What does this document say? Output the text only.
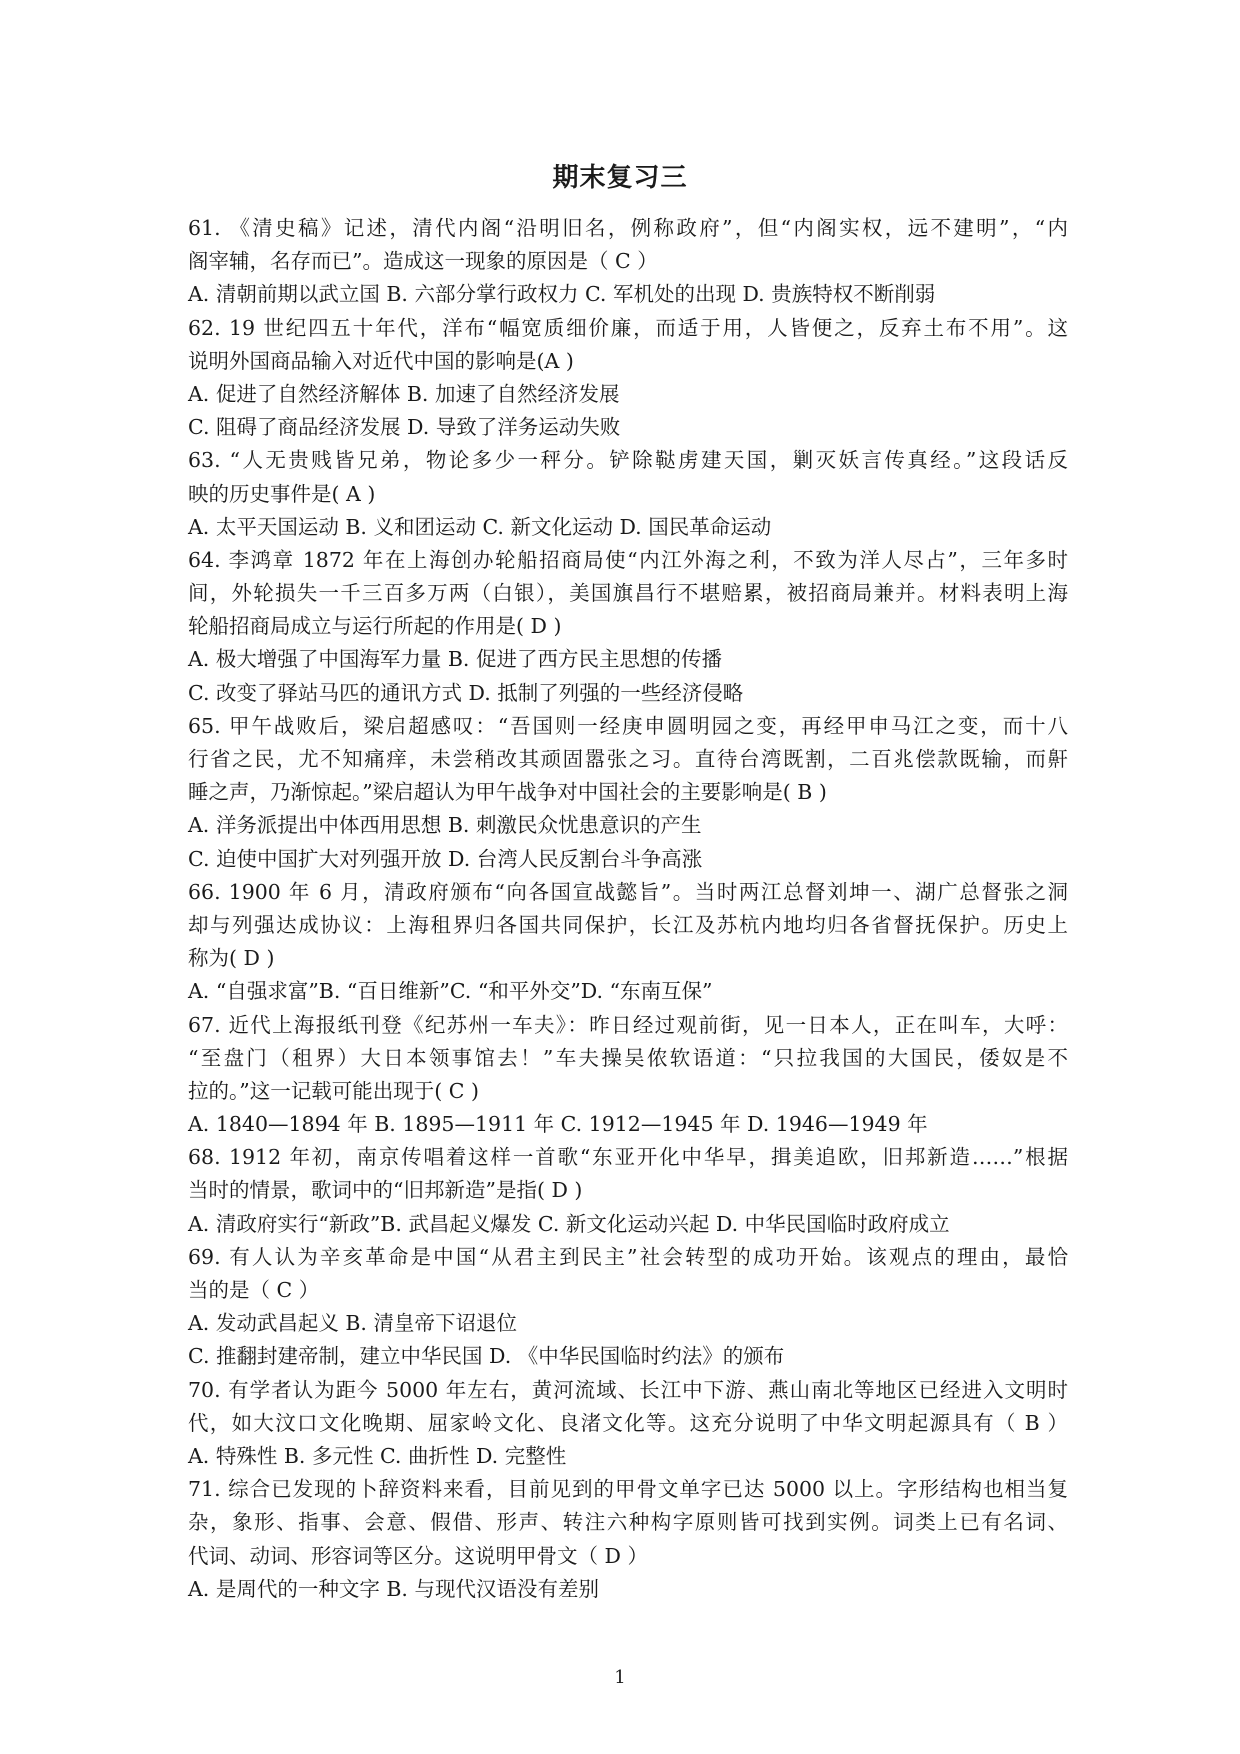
期末复习三
61. 《清史稿》记述，清代内阁“沿明旧名，例称政府”，但“内阁实权，远不建明”，“内
阁宰辅，名存而已”。造成这一现象的原因是（ C ）
A. 清朝前期以武立国 B. 六部分掌行政权力 C. 军机处的出现 D. 贵族特权不断削弱
62. 19 世纪四五十年代，洋布“幅宽质细价廉，而适于用，人皆便之，反弃土布不用”。这
说明外国商品输入对近代中国的影响是(A )
A. 促进了自然经济解体 B. 加速了自然经济发展
C. 阻碍了商品经济发展 D. 导致了洋务运动失败
63. “人无贵贱皆兄弟，物论多少一秤分。铲除鞑虏建天国，剿灭妖言传真经。”这段话反
映的历史事件是( A )
A. 太平天国运动 B. 义和团运动 C. 新文化运动 D. 国民革命运动
64. 李鸿章 1872 年在上海创办轮船招商局使“内江外海之利，不致为洋人尽占”，三年多时
间，外轮损失一千三百多万两（白银），美国旗昌行不堪赔累，被招商局兼并。材料表明上海
轮船招商局成立与运行所起的作用是( D )
A. 极大增强了中国海军力量 B. 促进了西方民主思想的传播
C. 改变了驿站马匹的通讯方式 D. 抵制了列强的一些经济侵略
65. 甲午战败后，梁启超感叹：“吾国则一经庚申圆明园之变，再经甲申马江之变，而十八
行省之民，尤不知痛痒，未尝稍改其顽固嚣张之习。直待台湾既割，二百兆偿款既输，而鼾
睡之声，乃渐惊起。”梁启超认为甲午战争对中国社会的主要影响是( B )
A. 洋务派提出中体西用思想 B. 刺激民众忧患意识的产生
C. 迫使中国扩大对列强开放 D. 台湾人民反割台斗争高涨
66. 1900 年 6 月，清政府颁布“向各国宣战懿旨”。当时两江总督刘坤一、湖广总督张之洞
却与列强达成协议：上海租界归各国共同保护，长江及苏杭内地均归各省督抚保护。历史上
称为( D )
A. “自强求富”B. “百日维新”C. “和平外交”D. “东南互保”
67. 近代上海报纸刊登《纪苏州一车夫》：昨日经过观前街，见一日本人，正在叫车，大呼：
“至盘门（租界）大日本领事馆去！”车夫操吴侬软语道：“只拉我国的大国民，倭奴是不
拉的。”这一记载可能出现于( C )
A. 1840—1894 年 B. 1895—1911 年 C. 1912—1945 年 D. 1946—1949 年
68. 1912 年初，南京传唱着这样一首歌“东亚开化中华早，揖美追欧，旧邦新造……”根据
当时的情景，歌词中的“旧邦新造”是指( D )
A. 清政府实行“新政”B. 武昌起义爆发 C. 新文化运动兴起 D. 中华民国临时政府成立
69. 有人认为辛亥革命是中国“从君主到民主”社会转型的成功开始。该观点的理由，最恰
当的是（ C ）
A. 发动武昌起义 B. 清皇帝下诏退位
C. 推翻封建帝制，建立中华民国 D. 《中华民国临时约法》的颁布
70. 有学者认为距今 5000 年左右，黄河流域、长江中下游、燕山南北等地区已经进入文明时
代，如大汶口文化晚期、屈家岭文化、良渚文化等。这充分说明了中华文明起源具有（ B ）
A. 特殊性 B. 多元性 C. 曲折性 D. 完整性
71. 综合已发现的卜辞资料来看，目前见到的甲骨文单字已达 5000 以上。字形结构也相当复
杂，象形、指事、会意、假借、形声、转注六种构字原则皆可找到实例。词类上已有名词、
代词、动词、形容词等区分。这说明甲骨文（ D ）
A. 是周代的一种文字 B. 与现代汉语没有差别
1
